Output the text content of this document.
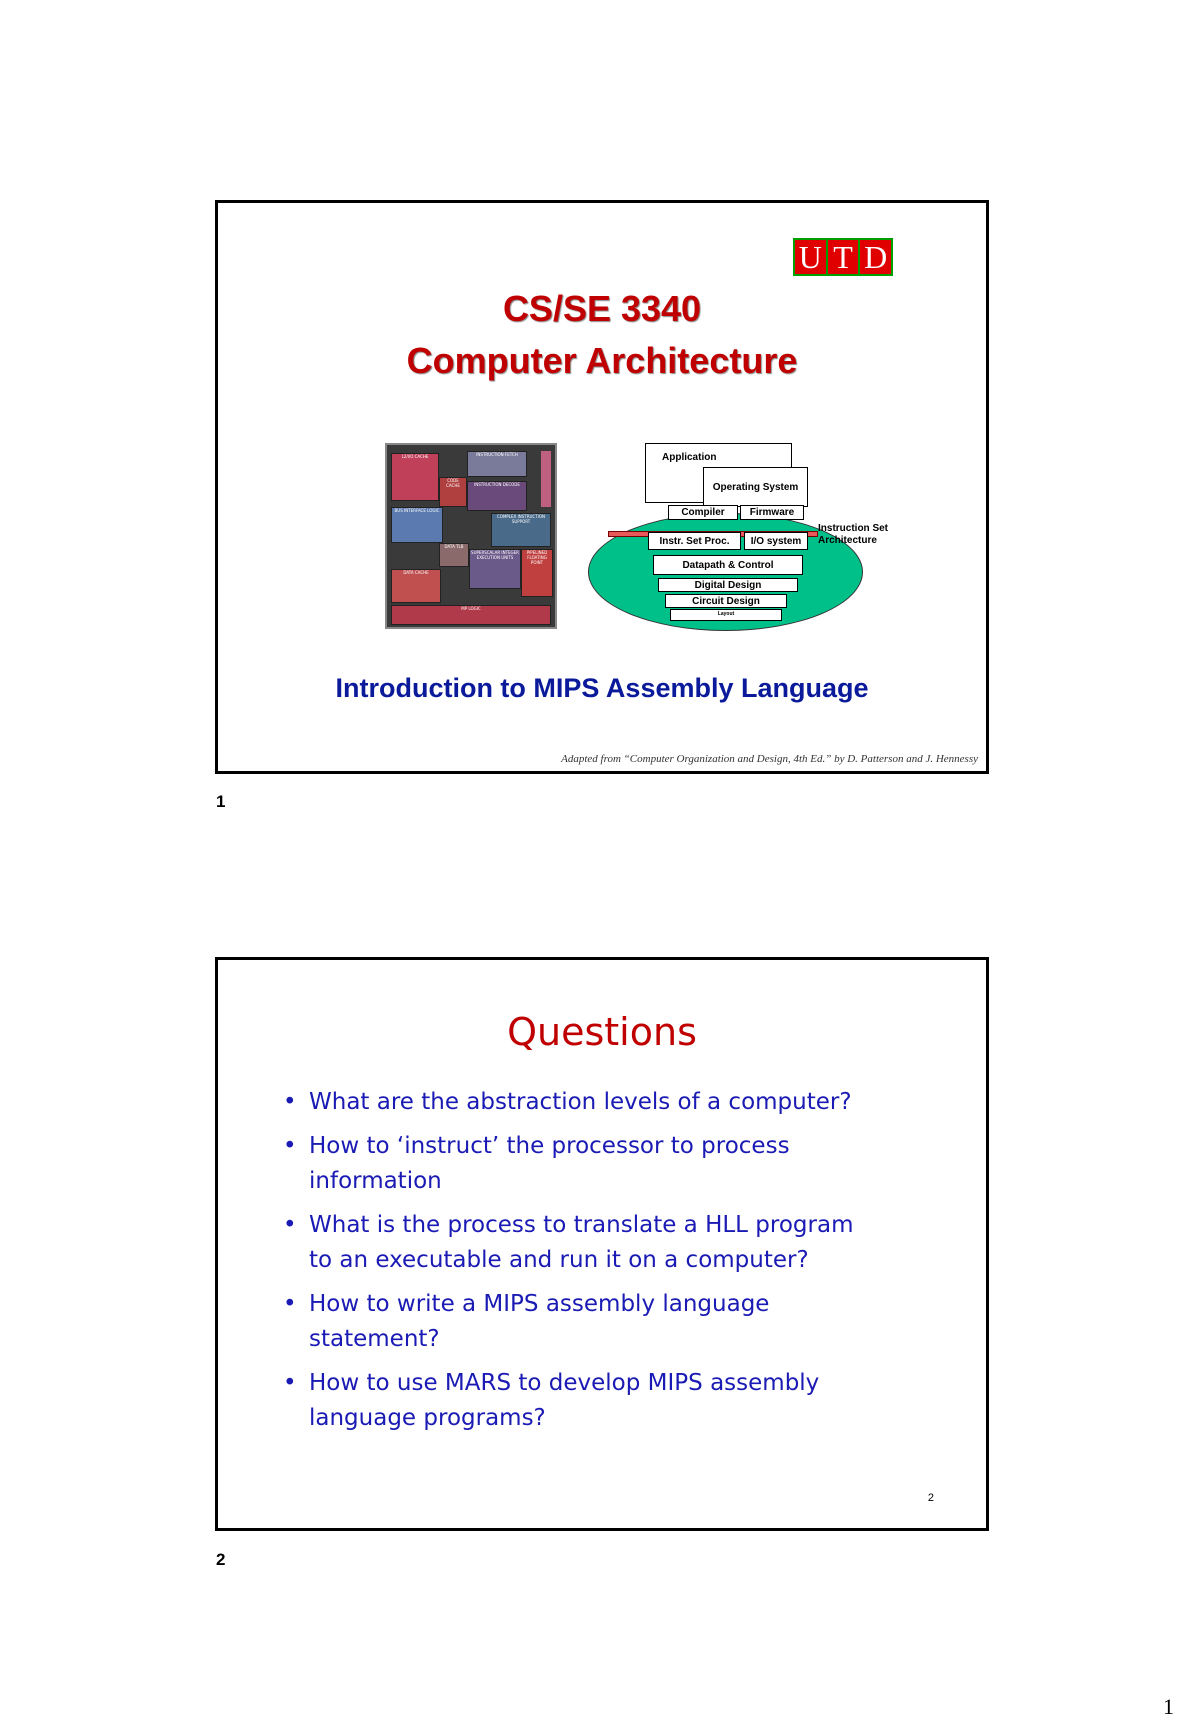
U T D
CS/SE 3340
Computer Architecture
L2/I/O CACHE	INSTRUCTION FETCH
CODE CACHE
BUS INTERFACE LOGIC
INSTRUCTION DECODE
COMPLEX INSTRUCTION SUPPORT
DATA TLB
SUPERSCALAR INTEGER EXECUTION UNITS
DATA CACHE
PIPELINED FLOATING POINT
MP LOGIC
Application
Operating System
Compiler	Firmware
Instruction Set Architecture
Instr. Set Proc.	I/O system
Datapath & Control
Digital Design
Circuit Design
Layout
Introduction to MIPS Assembly Language
Adapted from “Computer Organization and Design, 4th Ed.” by D. Patterson and J. Hennessy
1
Questions
• What are the abstraction levels of a computer?
• How to ‘instruct’ the processor to process information
• What is the process to translate a HLL program to an executable and run it on a computer?
• How to write a MIPS assembly language statement?
• How to use MARS to develop MIPS assembly language programs?
2
2
1
